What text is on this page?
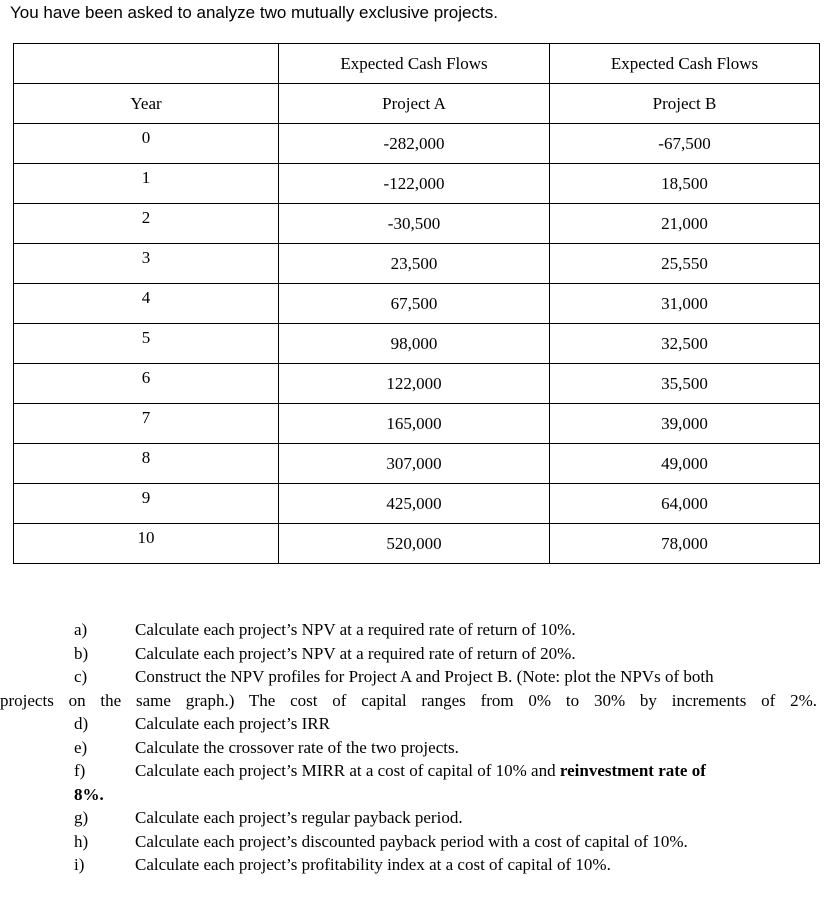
You have been asked to analyze two mutually exclusive projects.
	Expected Cash Flows	Expected Cash Flows
Year	Project A	Project B
0	-282,000	-67,500
1	-122,000	18,500
2	-30,500	21,000
3	23,500	25,550
4	67,500	31,000
5	98,000	32,500
6	122,000	35,500
7	165,000	39,000
8	307,000	49,000
9	425,000	64,000
10	520,000	78,000
a)	Calculate each project’s NPV at a required rate of return of 10%.
b)	Calculate each project’s NPV at a required rate of return of 20%.
c)	Construct the NPV profiles for Project A and Project B. (Note: plot the NPVs of both
projects on the same graph.) The cost of capital ranges from 0% to 30% by increments of 2%.
d)	Calculate each project’s IRR
e)	Calculate the crossover rate of the two projects.
f)	Calculate each project’s MIRR at a cost of capital of 10% and reinvestment rate of
8%.
g)	Calculate each project’s regular payback period.
h)	Calculate each project’s discounted payback period with a cost of capital of 10%.
i)	Calculate each project’s profitability index at a cost of capital of 10%.
